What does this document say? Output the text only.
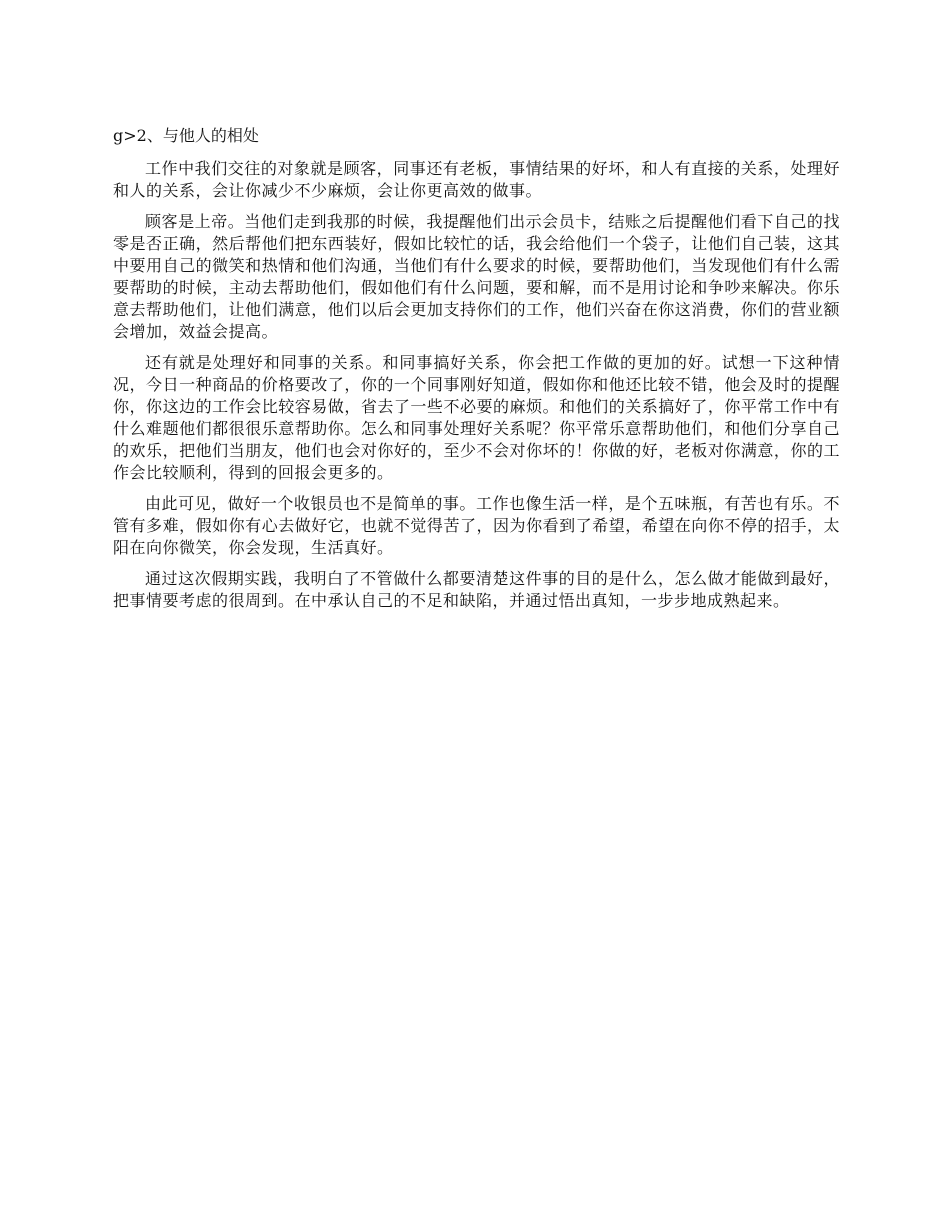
g>2、与他人的相处

工作中我们交往的对象就是顾客，同事还有老板，事情结果的好坏，和人有直接的关系，处理好和人的关系，会让你减少不少麻烦，会让你更高效的做事。

顾客是上帝。当他们走到我那的时候，我提醒他们出示会员卡，结账之后提醒他们看下自己的找零是否正确，然后帮他们把东西装好，假如比较忙的话，我会给他们一个袋子，让他们自己装，这其中要用自己的微笑和热情和他们沟通，当他们有什么要求的时候，要帮助他们，当发现他们有什么需要帮助的时候，主动去帮助他们，假如他们有什么问题，要和解，而不是用讨论和争吵来解决。你乐意去帮助他们，让他们满意，他们以后会更加支持你们的工作，他们兴奋在你这消费，你们的营业额会增加，效益会提高。

还有就是处理好和同事的关系。和同事搞好关系，你会把工作做的更加的好。试想一下这种情况，今日一种商品的价格要改了，你的一个同事刚好知道，假如你和他还比较不错，他会及时的提醒你，你这边的工作会比较容易做，省去了一些不必要的麻烦。和他们的关系搞好了，你平常工作中有什么难题他们都很很乐意帮助你。怎么和同事处理好关系呢？你平常乐意帮助他们，和他们分享自己的欢乐，把他们当朋友，他们也会对你好的，至少不会对你坏的！你做的好，老板对你满意，你的工作会比较顺利，得到的回报会更多的。

由此可见，做好一个收银员也不是简单的事。工作也像生活一样，是个五味瓶，有苦也有乐。不管有多难，假如你有心去做好它，也就不觉得苦了，因为你看到了希望，希望在向你不停的招手，太阳在向你微笑，你会发现，生活真好。

通过这次假期实践，我明白了不管做什么都要清楚这件事的目的是什么，怎么做才能做到最好，把事情要考虑的很周到。在中承认自己的不足和缺陷，并通过悟出真知，一步步地成熟起来。
